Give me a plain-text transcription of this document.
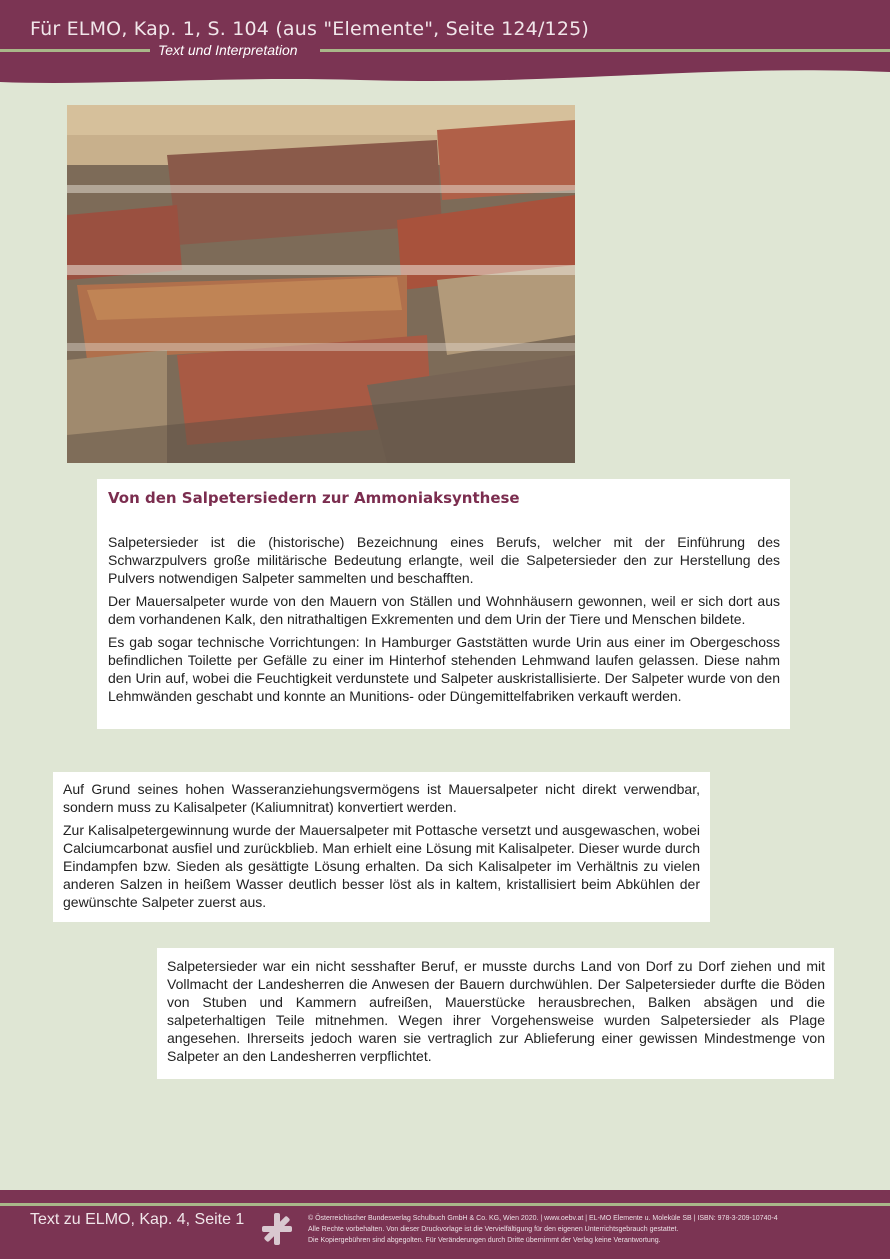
Für ELMO, Kap. 1, S. 104 (aus "Elemente", Seite 124/125)
Text und Interpretation
Von den Salpetersiedern zur Ammoniaksynthese

Salpetersieder ist die (historische) Bezeichnung eines Berufs, welcher mit der Einführung des Schwarzpulvers große militärische Bedeutung erlangte, weil die Salpetersieder den zur Herstellung des Pulvers notwendigen Salpeter sammelten und beschafften.

Der Mauersalpeter wurde von den Mauern von Ställen und Wohnhäusern gewonnen, weil er sich dort aus dem vorhandenen Kalk, den nitrathaltigen Exkrementen und dem Urin der Tiere und Menschen bildete.

Es gab sogar technische Vorrichtungen: In Hamburger Gaststätten wurde Urin aus einer im Obergeschoss befindlichen Toilette per Gefälle zu einer im Hinterhof stehenden Lehmwand laufen gelassen. Diese nahm den Urin auf, wobei die Feuchtigkeit verdunstete und Salpeter auskristallisierte. Der Salpeter wurde von den Lehmwänden geschabt und konnte an Munitions- oder Düngemittelfabriken verkauft werden.

Auf Grund seines hohen Wasseranziehungsvermögens ist Mauersalpeter nicht direkt verwendbar, sondern muss zu Kalisalpeter (Kaliumnitrat) konvertiert werden.

Zur Kalisalpetergewinnung wurde der Mauersalpeter mit Pottasche versetzt und ausgewaschen, wobei Calciumcarbonat ausfiel und zurückblieb. Man erhielt eine Lösung mit Kalisalpeter. Dieser wurde durch Eindampfen bzw. Sieden als gesättigte Lösung erhalten. Da sich Kalisalpeter im Verhältnis zu vielen anderen Salzen in heißem Wasser deutlich besser löst als in kaltem, kristallisiert beim Abkühlen der gewünschte Salpeter zuerst aus.

Salpetersieder war ein nicht sesshafter Beruf, er musste durchs Land von Dorf zu Dorf ziehen und mit Vollmacht der Landesherren die Anwesen der Bauern durchwühlen. Der Salpetersieder durfte die Böden von Stuben und Kammern aufreißen, Mauerstücke herausbrechen, Balken absägen und die salpeterhaltigen Teile mitnehmen. Wegen ihrer Vorgehensweise wurden Salpetersieder als Plage angesehen. Ihrerseits jedoch waren sie vertraglich zur Ablieferung einer gewissen Mindestmenge von Salpeter an den Landesherren verpflichtet.

Text zu ELMO, Kap. 4, Seite 1	© Österreichischer Bundesverlag Schulbuch GmbH & Co. KG, Wien 2020. | www.oebv.at | EL-MO Elemente u. Moleküle SB | ISBN: 978-3-209-10740-4
Alle Rechte vorbehalten. Von dieser Druckvorlage ist die Vervielfältigung für den eigenen Unterrichtsgebrauch gestattet.
Die Kopiergebühren sind abgegolten. Für Veränderungen durch Dritte übernimmt der Verlag keine Verantwortung.
